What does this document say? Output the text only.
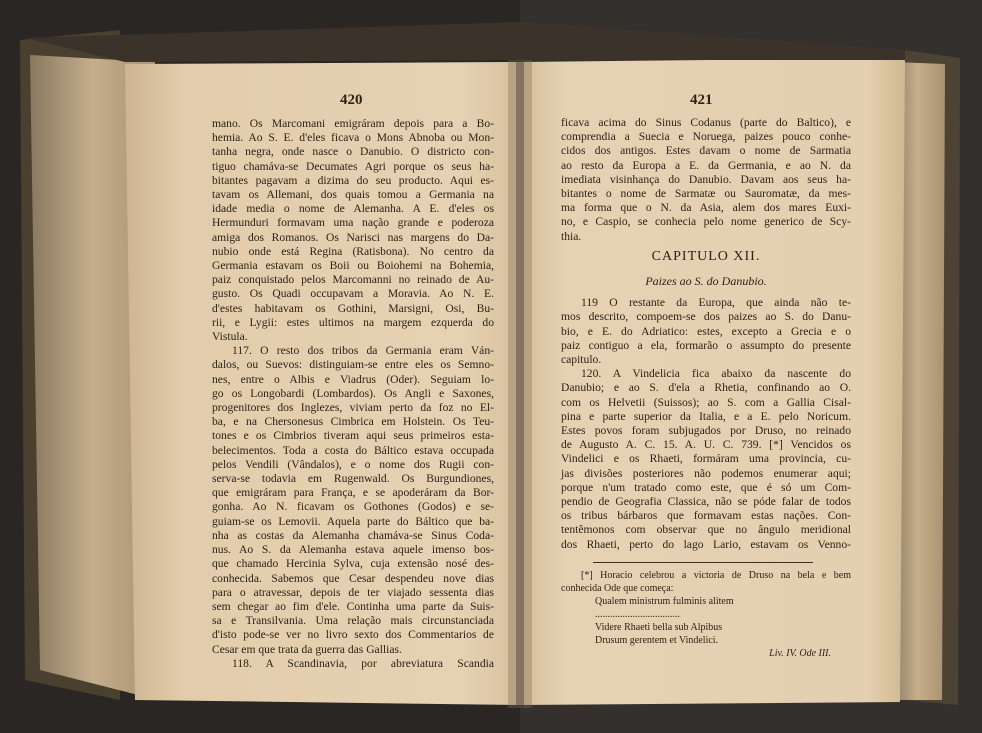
420
mano. Os Marcomani emigráram depois para a Bo-
hemia. Ao S. E. d'eles ficava o Mons Abnoba ou Mon-
tanha negra, onde nasce o Danubio. O districto con-
tiguo chamáva-se Decumates Agri porque os seus ha-
bitantes pagavam a dizima do seu producto. Aqui es-
tavam os Allemani, dos quais tomou a Germania na
idade media o nome de Alemanha. A E. d'eles os
Hermunduri formavam uma nação grande e poderoza
amiga dos Romanos. Os Narisci nas margens do Da-
nubio onde está Regina (Ratisbona). No centro da
Germania estavam os Boii ou Boiohemi na Bohemia,
paiz conquistado pelos Marcomanni no reinado de Au-
gusto. Os Quadi occupavam a Moravia. Ao N. E.
d'estes habitavam os Gothini, Marsigni, Osi, Bu-
rii, e Lygii: estes ultimos na margem ezquerda do
Vistula.
117. O resto dos tribos da Germania eram Ván-
dalos, ou Suevos: distinguiam-se entre eles os Semno-
nes, entre o Albis e Viadrus (Oder). Seguiam lo-
go os Longobardi (Lombardos). Os Angli e Saxones,
progenitores dos Inglezes, viviam perto da foz no El-
ba, e na Chersonesus Cimbrica em Holstein. Os Teu-
tones e os Cimbrios tiveram aqui seus primeiros esta-
belecimentos. Toda a costa do Báltico estava occupada
pelos Vendili (Vândalos), e o nome dos Rugii con-
serva-se todavia em Rugenwald. Os Burgundiones,
que emigráram para França, e se apoderáram da Bor-
gonha. Ao N. ficavam os Gothones (Godos) e se-
guiam-se os Lemovii. Aquela parte do Báltico que ba-
nha as costas da Alemanha chamáva-se Sinus Coda-
nus. Ao S. da Alemanha estava aquele imenso bos-
que chamado Hercinia Sylva, cuja extensão nosé des-
conhecida. Sabemos que Cesar despendeu nove dias
para o atravessar, depois de ter viajado sessenta dias
sem chegar ao fim d'ele. Continha uma parte da Suis-
sa e Transilvania. Uma relação mais circunstanciada
d'isto pode-se ver no livro sexto dos Commentarios de
Cesar em que trata da guerra das Gallias.
118. A Scandinavia, por abreviatura Scandia
421
ficava acima do Sinus Codanus (parte do Baltico), e
comprendia a Suecia e Noruega, paizes pouco conhe-
cidos dos antigos. Estes davam o nome de Sarmatia
ao resto da Europa a E. da Germania, e ao N. da
imediata visinhança do Danubio. Davam aos seus ha-
bitantes o nome de Sarmatæ ou Sauromatæ, da mes-
ma forma que o N. da Asia, alem dos mares Euxi-
no, e Caspio, se conhecia pelo nome generico de Scy-
thia.
CAPITULO XII.
Paizes ao S. do Danubio.
119 O restante da Europa, que ainda não te-
mos descrito, compoem-se dos paizes ao S. do Danu-
bio, e E. do Adriatico: estes, excepto a Grecia e o
paiz contiguo a ela, formarão o assumpto do presente
capitulo.
120. A Vindelicia fica abaixo da nascente do
Danubio; e ao S. d'ela a Rhetia, confinando ao O.
com os Helvetii (Suissos); ao S. com a Gallia Cisal-
pina e parte superior da Italia, e a E. pelo Noricum.
Estes povos foram subjugados por Druso, no reinado
de Augusto A. C. 15. A. U. C. 739. [*] Vencidos os
Vindelici e os Rhaeti, formáram uma provincia, cu-
jas divisões posteriores não podemos enumerar aqui;
porque n'um tratado como este, que é só um Com-
pendio de Geografia Classica, não se póde falar de todos
os tribus bárbaros que formavam estas nações. Con-
tentêmonos com observar que no ângulo meridional
dos Rhaeti, perto do lago Lario, estavam os Venno-
[*] Horacio celebrou a victoria de Druso na bela e bem
conhecida Ode que começa:
Qualem ministrum fulminis alitem
..................................
Videre Rhaeti bella sub Alpibus
Drusum gerentem et Vindelici.
Liv. IV. Ode III.
